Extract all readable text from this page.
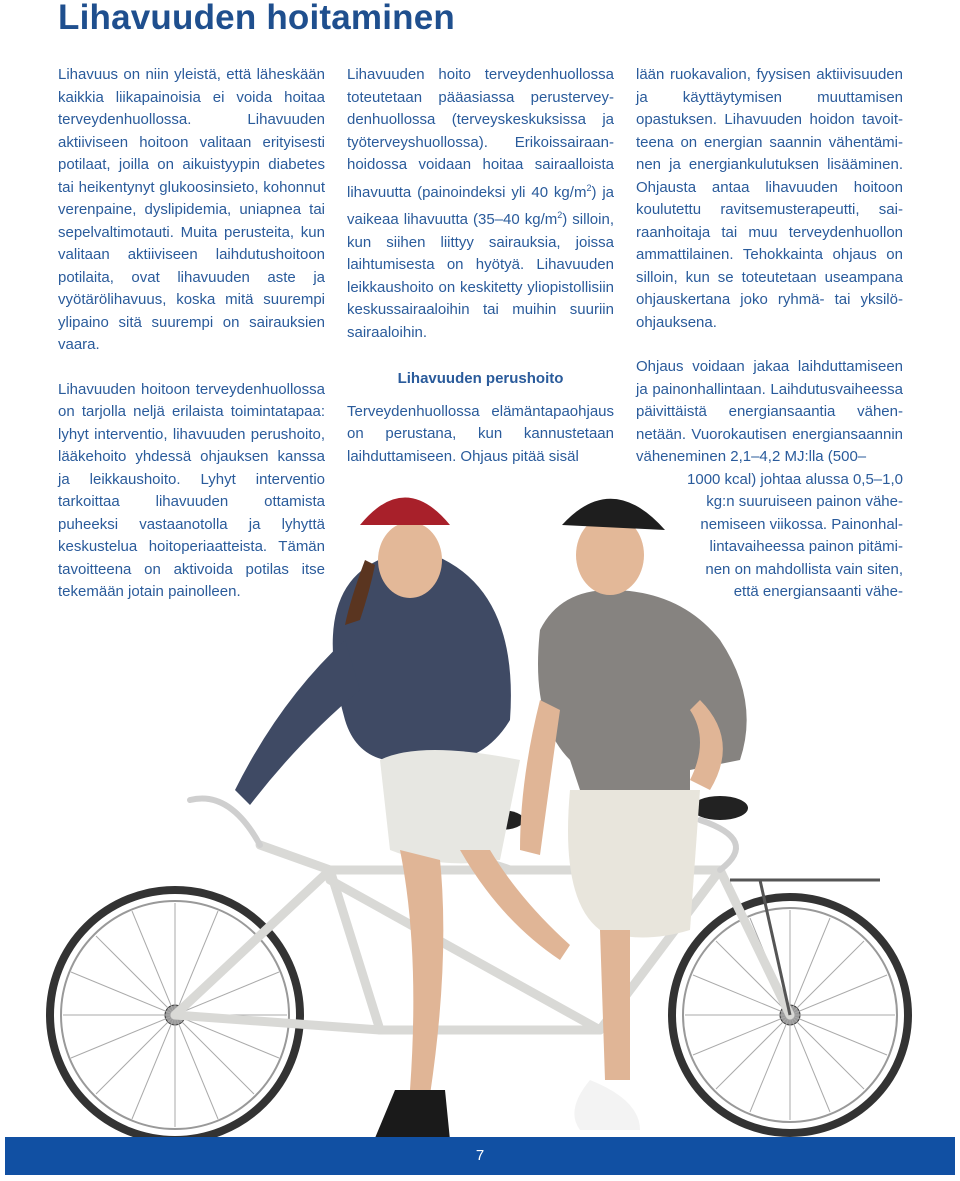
Lihavuuden hoitaminen

Lihavuus on niin yleistä, että läheskään kaikkia liikapainoisia ei voida hoitaa terveydenhuollossa. Lihavuuden aktiiviseen hoitoon valitaan erityisesti potilaat, joilla on aikuistyypin diabetes tai heikentynyt glukoosinsieto, kohonnut verenpaine, dyslipidemia, uniapnea tai sepelvaltimotauti. Muita perusteita, kun valitaan aktiiviseen laihdutushoitoon potilaita, ovat lihavuuden aste ja vyötärölihavuus, koska mitä suurempi ylipaino sitä suurempi on sairauksien vaara.

Lihavuuden hoitoon terveydenhuollossa on tarjolla neljä erilaista toimintatapaa: lyhyt interventio, lihavuuden perushoito, lääkehoito yhdessä ohjauksen kanssa ja leikkaushoito. Lyhyt interventio tarkoittaa lihavuuden ottamista puheeksi vastaanotolla ja lyhyttä keskustelua hoitoperiaatteista. Tämän tavoitteena on aktivoida potilas itse tekemään jotain painolleen.

Lihavuuden hoito terveydenhuollossa toteutetaan pääasiassa perusterveydenhuollossa (terveyskeskuksissa ja työterveyshuollossa). Erikoissairaanhoidossa voidaan hoitaa sairaalloista lihavuutta (painoindeksi yli 40 $kg/m^2$) ja vaikeaa lihavuutta (35–40 $kg/m^2$) silloin, kun siihen liittyy sairauksia, joissa laihtumisesta on hyötyä. Lihavuuden leikkaushoito on keskitetty yliopistollisiin keskussairaaloihin tai muihin suuriin sairaaloihin.

Lihavuuden perushoito

Terveydenhuollossa elämäntapaohjaus on perustana, kun kannustetaan laihduttamiseen. Ohjaus pitää sisäl

lään ruokavalion, fyysisen aktiivisuuden ja käyttäytymisen muuttamisen opastuksen. Lihavuuden hoidon tavoitteena on energian saannin vähentäminen ja energiankulutuksen lisääminen. Ohjausta antaa lihavuuden hoitoon koulutettu ravitsemusterapeutti, sairaanhoitaja tai muu terveydenhuollon ammattilainen. Tehokkainta ohjaus on silloin, kun se toteutetaan useampana ohjauskertana joko ryhmä- tai yksilöohjauksena.

Ohjaus voidaan jakaa laihduttamiseen ja painonhallintaan. Laihdutusvaiheessa päivittäistä energiansaantia vähennetään. Vuorokautisen energiansaannin väheneminen 2,1–4,2 MJ:lla (500–

1000 kcal) johtaa alussa 0,5–1,0
kg:n suuruiseen painon vähe-
nemiseen viikossa. Painonhal-
lintavaiheessa painon pitämi-
nen on mahdollista vain siten,
että energiansaanti vähe-
7
